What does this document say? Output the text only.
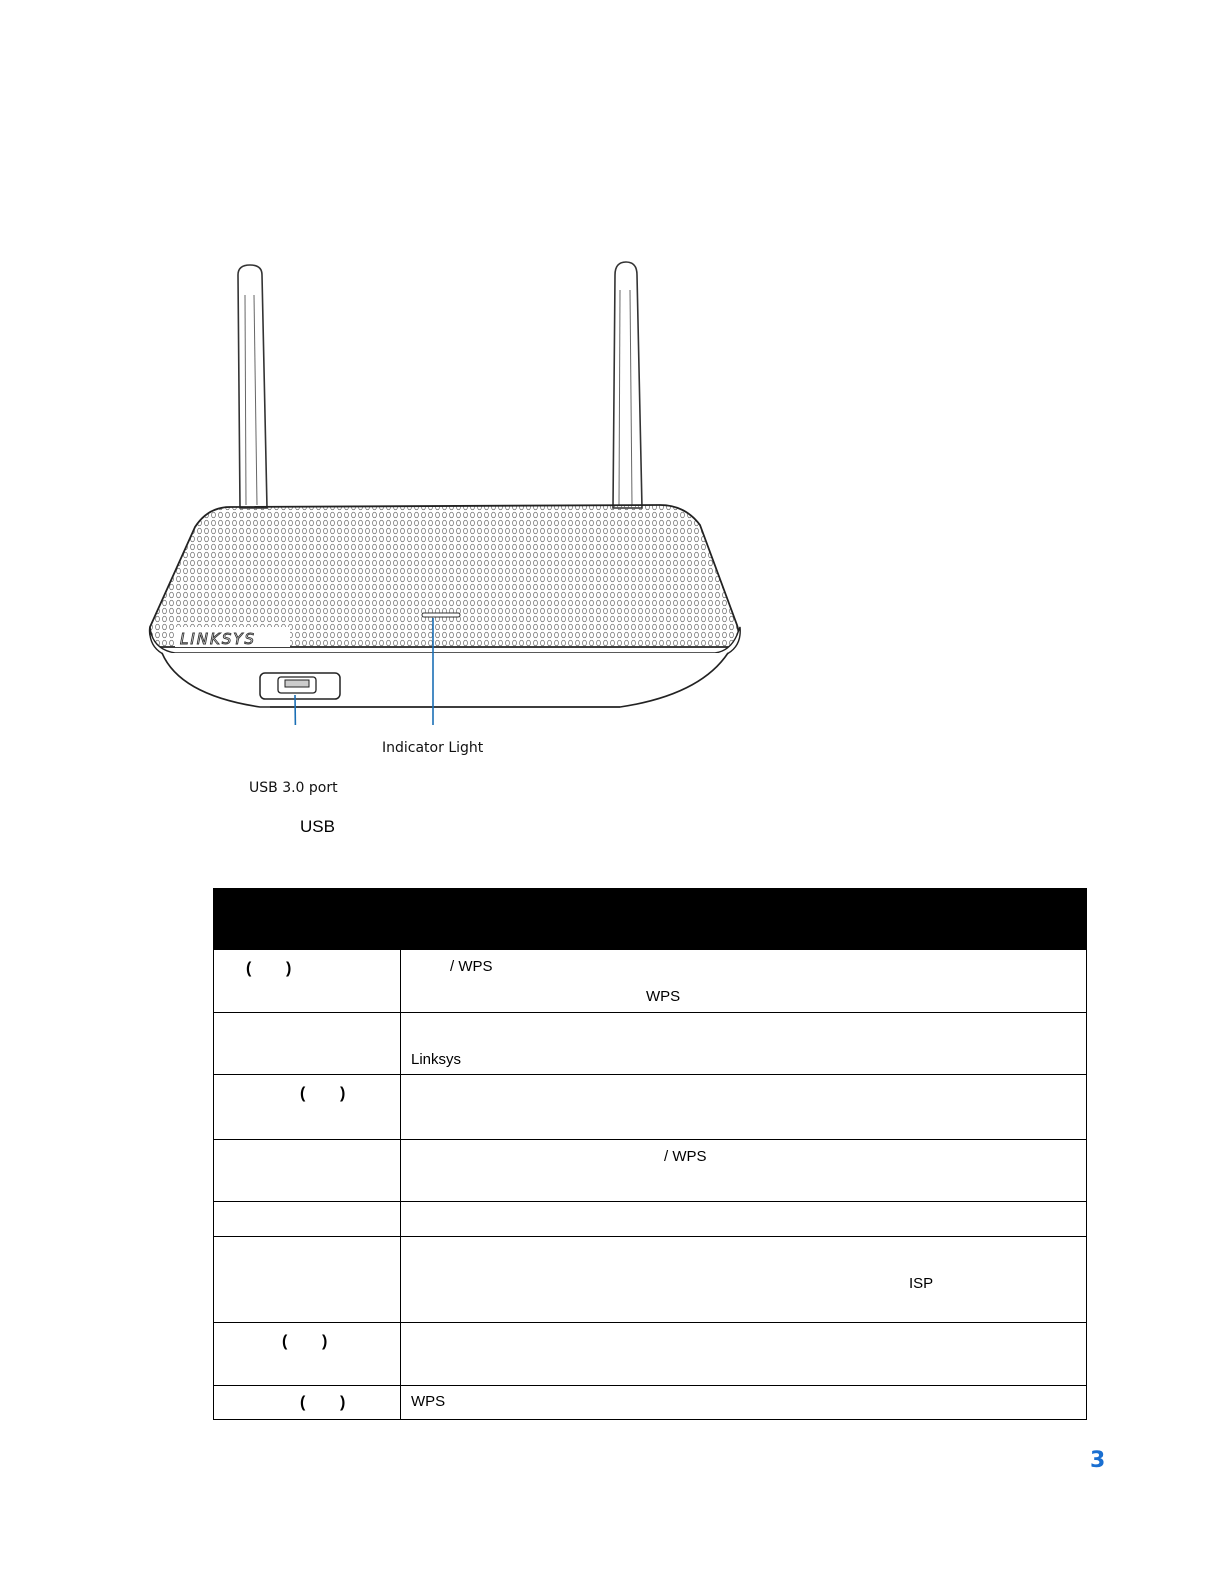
LINKSYS
Indicator Light
USB 3.0 port
USB

( )	/ WPS
WPS

	Linksys

( )	

	/ WPS

	ISP

( )	

( )	WPS
3
